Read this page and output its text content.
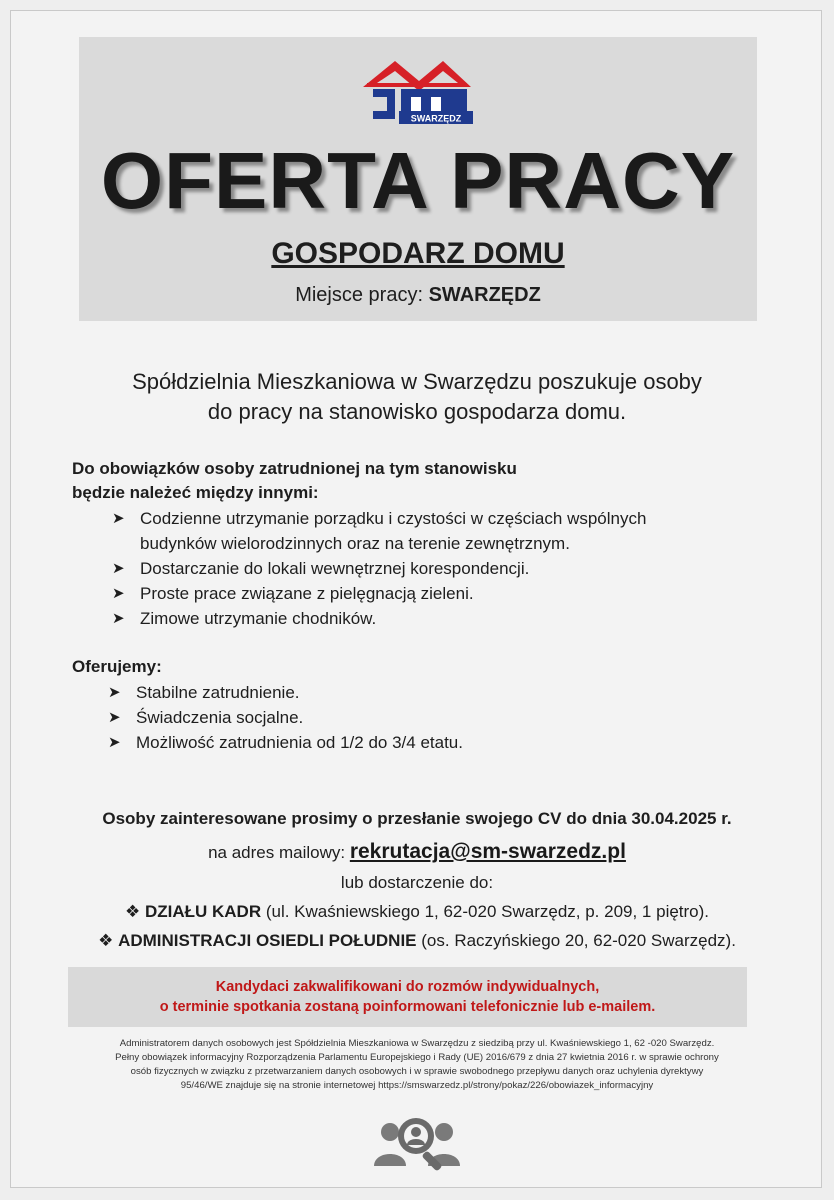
SWARZĘDZ
OFERTA PRACY
GOSPODARZ DOMU
Miejsce pracy: SWARZĘDZ
Spółdzielnia Mieszkaniowa w Swarzędzu poszukuje osoby
do pracy na stanowisko gospodarza domu.
Do obowiązków osoby zatrudnionej na tym stanowisku
będzie należeć między innymi:
➤ Codzienne utrzymanie porządku i czystości w częściach wspólnych
budynków wielorodzinnych oraz na terenie zewnętrznym.
➤ Dostarczanie do lokali wewnętrznej korespondencji.
➤ Proste prace związane z pielęgnacją zieleni.
➤ Zimowe utrzymanie chodników.
Oferujemy:
➤ Stabilne zatrudnienie.
➤ Świadczenia socjalne.
➤ Możliwość zatrudnienia od 1/2 do 3/4 etatu.
Osoby zainteresowane prosimy o przesłanie swojego CV do dnia 30.04.2025 r.
na adres mailowy: rekrutacja@sm-swarzedz.pl
lub dostarczenie do:
❖ DZIAŁU KADR (ul. Kwaśniewskiego 1, 62-020 Swarzędz, p. 209, 1 piętro).
❖ ADMINISTRACJI OSIEDLI POŁUDNIE (os. Raczyńskiego 20, 62-020 Swarzędz).
Kandydaci zakwalifikowani do rozmów indywidualnych,
o terminie spotkania zostaną poinformowani telefonicznie lub e-mailem.
Administratorem danych osobowych jest Spółdzielnia Mieszkaniowa w Swarzędzu z siedzibą przy ul. Kwaśniewskiego 1, 62 -020 Swarzędz.
Pełny obowiązek informacyjny Rozporządzenia Parlamentu Europejskiego i Rady (UE) 2016/679 z dnia 27 kwietnia 2016 r. w sprawie ochrony
osób fizycznych w związku z przetwarzaniem danych osobowych i w sprawie swobodnego przepływu danych oraz uchylenia dyrektywy
95/46/WE znajduje się na stronie internetowej https://smswarzedz.pl/strony/pokaz/226/obowiazek_informacyjny
